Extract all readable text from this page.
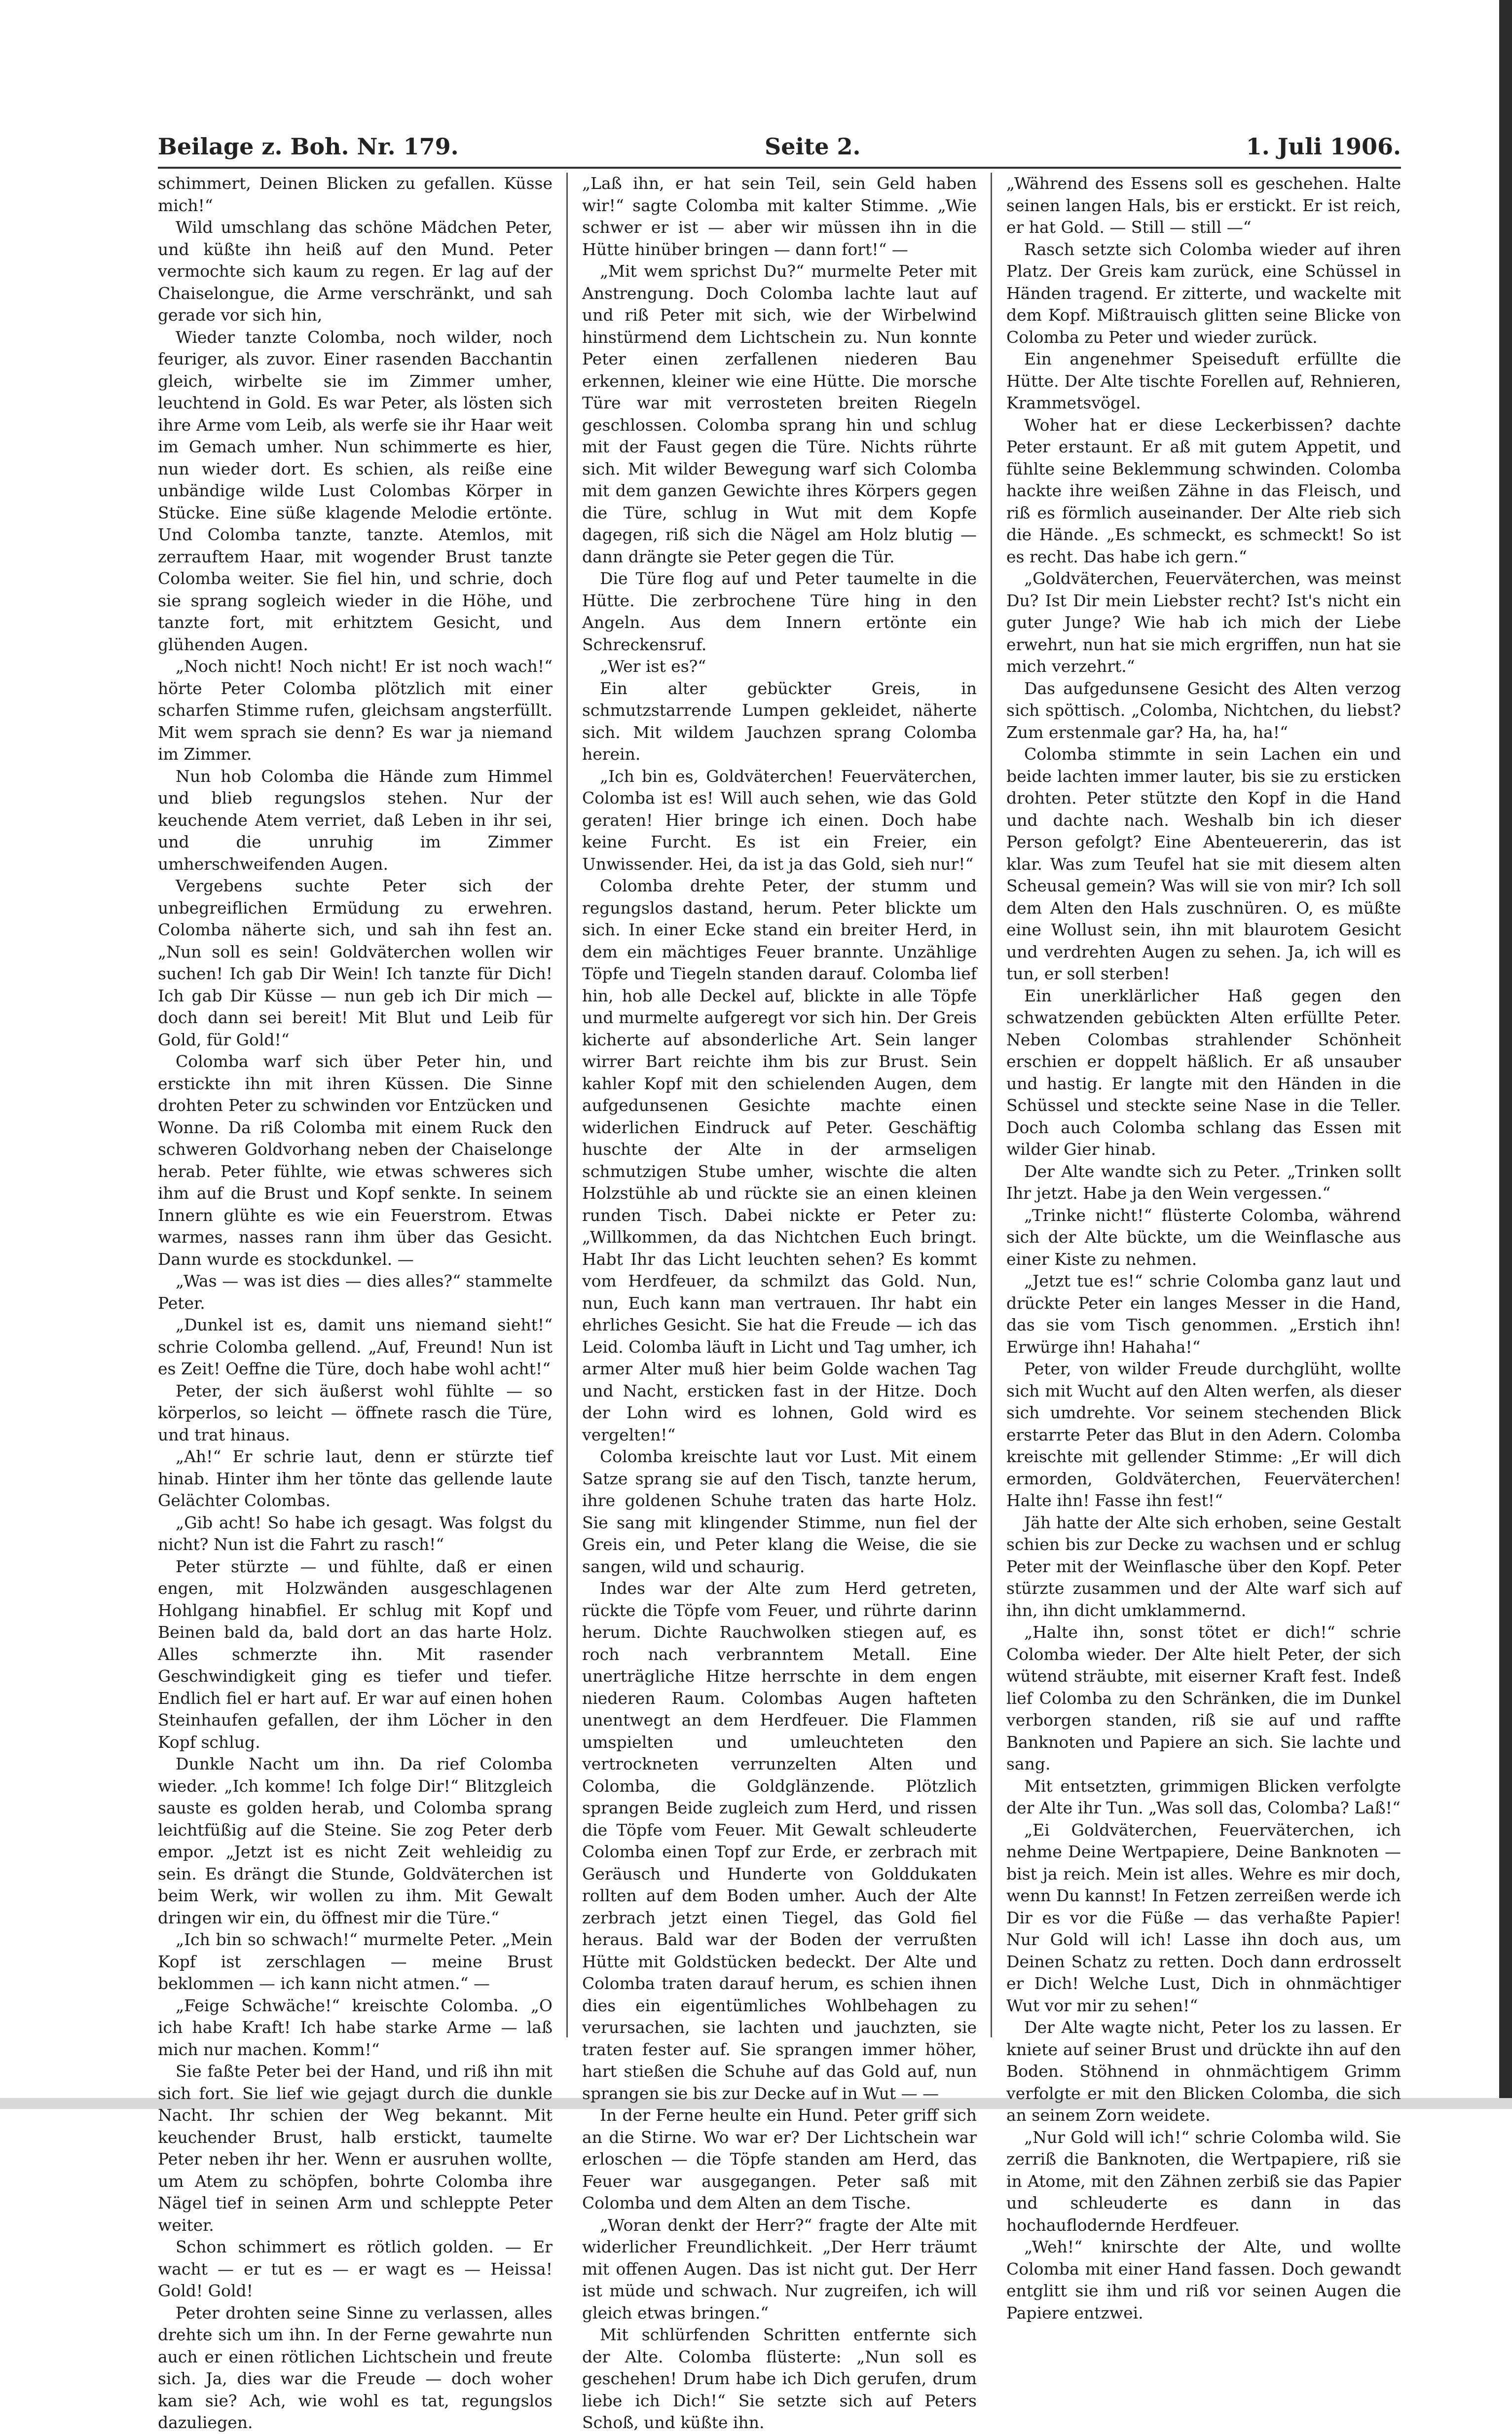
Beilage z. Boh. Nr. 179.	Seite 2.	1. Juli 1906.

schimmert, Deinen Blicken zu gefallen. Küsse mich!“

Wild umschlang das schöne Mädchen Peter, und küßte ihn heiß auf den Mund. Peter vermochte sich kaum zu regen. Er lag auf der Chaiselongue, die Arme verschränkt, und sah gerade vor sich hin,

Wieder tanzte Colomba, noch wilder, noch feuriger, als zuvor. Einer rasenden Bacchantin gleich, wirbelte sie im Zimmer umher, leuchtend in Gold. Es war Peter, als lösten sich ihre Arme vom Leib, als werfe sie ihr Haar weit im Gemach umher. Nun schimmerte es hier, nun wieder dort. Es schien, als reiße eine unbändige wilde Lust Colombas Körper in Stücke. Eine süße klagende Melodie ertönte. Und Colomba tanzte, tanzte. Atemlos, mit zerrauftem Haar, mit wogender Brust tanzte Colomba weiter. Sie fiel hin, und schrie, doch sie sprang sogleich wieder in die Höhe, und tanzte fort, mit erhitztem Gesicht, und glühenden Augen.

„Noch nicht! Noch nicht! Er ist noch wach!“ hörte Peter Colomba plötzlich mit einer scharfen Stimme rufen, gleichsam angsterfüllt. Mit wem sprach sie denn? Es war ja niemand im Zimmer.

Nun hob Colomba die Hände zum Himmel und blieb regungslos stehen. Nur der keuchende Atem verriet, daß Leben in ihr sei, und die unruhig im Zimmer umherschweifenden Augen.

Vergebens suchte Peter sich der unbegreiflichen Ermüdung zu erwehren. Colomba näherte sich, und sah ihn fest an. „Nun soll es sein! Goldväterchen wollen wir suchen! Ich gab Dir Wein! Ich tanzte für Dich! Ich gab Dir Küsse — nun geb ich Dir mich — doch dann sei bereit! Mit Blut und Leib für Gold, für Gold!“

Colomba warf sich über Peter hin, und erstickte ihn mit ihren Küssen. Die Sinne drohten Peter zu schwinden vor Entzücken und Wonne. Da riß Colomba mit einem Ruck den schweren Goldvorhang neben der Chaiselonge herab. Peter fühlte, wie etwas schweres sich ihm auf die Brust und Kopf senkte. In seinem Innern glühte es wie ein Feuerstrom. Etwas warmes, nasses rann ihm über das Gesicht. Dann wurde es stockdunkel. —

„Was — was ist dies — dies alles?“ stammelte Peter.

„Dunkel ist es, damit uns niemand sieht!“ schrie Colomba gellend. „Auf, Freund! Nun ist es Zeit! Oeffne die Türe, doch habe wohl acht!“

Peter, der sich äußerst wohl fühlte — so körperlos, so leicht — öffnete rasch die Türe, und trat hinaus.

„Ah!“ Er schrie laut, denn er stürzte tief hinab. Hinter ihm her tönte das gellende laute Gelächter Colombas.

„Gib acht! So habe ich gesagt. Was folgst du nicht? Nun ist die Fahrt zu rasch!“

Peter stürzte — und fühlte, daß er einen engen, mit Holzwänden ausgeschlagenen Hohlgang hinabfiel. Er schlug mit Kopf und Beinen bald da, bald dort an das harte Holz. Alles schmerzte ihn. Mit rasender Geschwindigkeit ging es tiefer und tiefer. Endlich fiel er hart auf. Er war auf einen hohen Steinhaufen gefallen, der ihm Löcher in den Kopf schlug.

Dunkle Nacht um ihn. Da rief Colomba wieder. „Ich komme! Ich folge Dir!“ Blitzgleich sauste es golden herab, und Colomba sprang leichtfüßig auf die Steine. Sie zog Peter derb empor. „Jetzt ist es nicht Zeit wehleidig zu sein. Es drängt die Stunde, Goldväterchen ist beim Werk, wir wollen zu ihm. Mit Gewalt dringen wir ein, du öffnest mir die Türe.“

„Ich bin so schwach!“ murmelte Peter. „Mein Kopf ist zerschlagen — meine Brust beklommen — ich kann nicht atmen.“ —

„Feige Schwäche!“ kreischte Colomba. „O ich habe Kraft! Ich habe starke Arme — laß mich nur machen. Komm!“

Sie faßte Peter bei der Hand, und riß ihn mit sich fort. Sie lief wie gejagt durch die dunkle Nacht. Ihr schien der Weg bekannt. Mit keuchender Brust, halb erstickt, taumelte Peter neben ihr her. Wenn er ausruhen wollte, um Atem zu schöpfen, bohrte Colomba ihre Nägel tief in seinen Arm und schleppte Peter weiter.

Schon schimmert es rötlich golden. — Er wacht — er tut es — er wagt es — Heissa! Gold! Gold!

Peter drohten seine Sinne zu verlassen, alles drehte sich um ihn. In der Ferne gewahrte nun auch er einen rötlichen Lichtschein und freute sich. Ja, dies war die Freude — doch woher kam sie? Ach, wie wohl es tat, regungslos dazuliegen.

„Laß ihn, er hat sein Teil, sein Geld haben wir!“ sagte Colomba mit kalter Stimme. „Wie schwer er ist — aber wir müssen ihn in die Hütte hinüber bringen — dann fort!“ —

„Mit wem sprichst Du?“ murmelte Peter mit Anstrengung. Doch Colomba lachte laut auf und riß Peter mit sich, wie der Wirbelwind hinstürmend dem Lichtschein zu. Nun konnte Peter einen zerfallenen niederen Bau erkennen, kleiner wie eine Hütte. Die morsche Türe war mit verrosteten breiten Riegeln geschlossen. Colomba sprang hin und schlug mit der Faust gegen die Türe. Nichts rührte sich. Mit wilder Bewegung warf sich Colomba mit dem ganzen Gewichte ihres Körpers gegen die Türe, schlug in Wut mit dem Kopfe dagegen, riß sich die Nägel am Holz blutig — dann drängte sie Peter gegen die Tür.

Die Türe flog auf und Peter taumelte in die Hütte. Die zerbrochene Türe hing in den Angeln. Aus dem Innern ertönte ein Schreckensruf.

„Wer ist es?“

Ein alter gebückter Greis, in schmutzstarrende Lumpen gekleidet, näherte sich. Mit wildem Jauchzen sprang Colomba herein.

„Ich bin es, Goldväterchen! Feuerväterchen, Colomba ist es! Will auch sehen, wie das Gold geraten! Hier bringe ich einen. Doch habe keine Furcht. Es ist ein Freier, ein Unwissender. Hei, da ist ja das Gold, sieh nur!“

Colomba drehte Peter, der stumm und regungslos dastand, herum. Peter blickte um sich. In einer Ecke stand ein breiter Herd, in dem ein mächtiges Feuer brannte. Unzählige Töpfe und Tiegeln standen darauf. Colomba lief hin, hob alle Deckel auf, blickte in alle Töpfe und murmelte aufgeregt vor sich hin. Der Greis kicherte auf absonderliche Art. Sein langer wirrer Bart reichte ihm bis zur Brust. Sein kahler Kopf mit den schielenden Augen, dem aufgedunsenen Gesichte machte einen widerlichen Eindruck auf Peter. Geschäftig huschte der Alte in der armseligen schmutzigen Stube umher, wischte die alten Holzstühle ab und rückte sie an einen kleinen runden Tisch. Dabei nickte er Peter zu: „Willkommen, da das Nichtchen Euch bringt. Habt Ihr das Licht leuchten sehen? Es kommt vom Herdfeuer, da schmilzt das Gold. Nun, nun, Euch kann man vertrauen. Ihr habt ein ehrliches Gesicht. Sie hat die Freude — ich das Leid. Colomba läuft in Licht und Tag umher, ich armer Alter muß hier beim Golde wachen Tag und Nacht, ersticken fast in der Hitze. Doch der Lohn wird es lohnen, Gold wird es vergelten!“

Colomba kreischte laut vor Lust. Mit einem Satze sprang sie auf den Tisch, tanzte herum, ihre goldenen Schuhe traten das harte Holz. Sie sang mit klingender Stimme, nun fiel der Greis ein, und Peter klang die Weise, die sie sangen, wild und schaurig.

Indes war der Alte zum Herd getreten, rückte die Töpfe vom Feuer, und rührte darinn herum. Dichte Rauchwolken stiegen auf, es roch nach verbranntem Metall. Eine unerträgliche Hitze herrschte in dem engen niederen Raum. Colombas Augen hafteten unentwegt an dem Herdfeuer. Die Flammen umspielten und umleuchteten den vertrockneten verrunzelten Alten und Colomba, die Goldglänzende. Plötzlich sprangen Beide zugleich zum Herd, und rissen die Töpfe vom Feuer. Mit Gewalt schleuderte Colomba einen Topf zur Erde, er zerbrach mit Geräusch und Hunderte von Golddukaten rollten auf dem Boden umher. Auch der Alte zerbrach jetzt einen Tiegel, das Gold fiel heraus. Bald war der Boden der verrußten Hütte mit Goldstücken bedeckt. Der Alte und Colomba traten darauf herum, es schien ihnen dies ein eigentümliches Wohlbehagen zu verursachen, sie lachten und jauchzten, sie traten fester auf. Sie sprangen immer höher, hart stießen die Schuhe auf das Gold auf, nun sprangen sie bis zur Decke auf in Wut — —

In der Ferne heulte ein Hund. Peter griff sich an die Stirne. Wo war er? Der Lichtschein war erloschen — die Töpfe standen am Herd, das Feuer war ausgegangen. Peter saß mit Colomba und dem Alten an dem Tische.

„Woran denkt der Herr?“ fragte der Alte mit widerlicher Freundlichkeit. „Der Herr träumt mit offenen Augen. Das ist nicht gut. Der Herr ist müde und schwach. Nur zugreifen, ich will gleich etwas bringen.“

Mit schlürfenden Schritten entfernte sich der Alte. Colomba flüsterte: „Nun soll es geschehen! Drum habe ich Dich gerufen, drum liebe ich Dich!“ Sie setzte sich auf Peters Schoß, und küßte ihn.

„Während des Essens soll es geschehen. Halte seinen langen Hals, bis er erstickt. Er ist reich, er hat Gold. — Still — still —“

Rasch setzte sich Colomba wieder auf ihren Platz. Der Greis kam zurück, eine Schüssel in Händen tragend. Er zitterte, und wackelte mit dem Kopf. Mißtrauisch glitten seine Blicke von Colomba zu Peter und wieder zurück.

Ein angenehmer Speiseduft erfüllte die Hütte. Der Alte tischte Forellen auf, Rehnieren, Krammetsvögel.

Woher hat er diese Leckerbissen? dachte Peter erstaunt. Er aß mit gutem Appetit, und fühlte seine Beklemmung schwinden. Colomba hackte ihre weißen Zähne in das Fleisch, und riß es förmlich auseinander. Der Alte rieb sich die Hände. „Es schmeckt, es schmeckt! So ist es recht. Das habe ich gern.“

„Goldväterchen, Feuerväterchen, was meinst Du? Ist Dir mein Liebster recht? Ist's nicht ein guter Junge? Wie hab ich mich der Liebe erwehrt, nun hat sie mich ergriffen, nun hat sie mich verzehrt.“

Das aufgedunsene Gesicht des Alten verzog sich spöttisch. „Colomba, Nichtchen, du liebst? Zum erstenmale gar? Ha, ha, ha!“

Colomba stimmte in sein Lachen ein und beide lachten immer lauter, bis sie zu ersticken drohten. Peter stützte den Kopf in die Hand und dachte nach. Weshalb bin ich dieser Person gefolgt? Eine Abenteuererin, das ist klar. Was zum Teufel hat sie mit diesem alten Scheusal gemein? Was will sie von mir? Ich soll dem Alten den Hals zuschnüren. O, es müßte eine Wollust sein, ihn mit blaurotem Gesicht und verdrehten Augen zu sehen. Ja, ich will es tun, er soll sterben!

Ein unerklärlicher Haß gegen den schwatzenden gebückten Alten erfüllte Peter. Neben Colombas strahlender Schönheit erschien er doppelt häßlich. Er aß unsauber und hastig. Er langte mit den Händen in die Schüssel und steckte seine Nase in die Teller. Doch auch Colomba schlang das Essen mit wilder Gier hinab.

Der Alte wandte sich zu Peter. „Trinken sollt Ihr jetzt. Habe ja den Wein vergessen.“

„Trinke nicht!“ flüsterte Colomba, während sich der Alte bückte, um die Weinflasche aus einer Kiste zu nehmen.

„Jetzt tue es!“ schrie Colomba ganz laut und drückte Peter ein langes Messer in die Hand, das sie vom Tisch genommen. „Erstich ihn! Erwürge ihn! Hahaha!“

Peter, von wilder Freude durchglüht, wollte sich mit Wucht auf den Alten werfen, als dieser sich umdrehte. Vor seinem stechenden Blick erstarrte Peter das Blut in den Adern. Colomba kreischte mit gellender Stimme: „Er will dich ermorden, Goldväterchen, Feuerväterchen! Halte ihn! Fasse ihn fest!“

Jäh hatte der Alte sich erhoben, seine Gestalt schien bis zur Decke zu wachsen und er schlug Peter mit der Weinflasche über den Kopf. Peter stürzte zusammen und der Alte warf sich auf ihn, ihn dicht umklammernd.

„Halte ihn, sonst tötet er dich!“ schrie Colomba wieder. Der Alte hielt Peter, der sich wütend sträubte, mit eiserner Kraft fest. Indeß lief Colomba zu den Schränken, die im Dunkel verborgen standen, riß sie auf und raffte Banknoten und Papiere an sich. Sie lachte und sang.

Mit entsetzten, grimmigen Blicken verfolgte der Alte ihr Tun. „Was soll das, Colomba? Laß!“

„Ei Goldväterchen, Feuerväterchen, ich nehme Deine Wertpapiere, Deine Banknoten — bist ja reich. Mein ist alles. Wehre es mir doch, wenn Du kannst! In Fetzen zerreißen werde ich Dir es vor die Füße — das verhaßte Papier! Nur Gold will ich! Lasse ihn doch aus, um Deinen Schatz zu retten. Doch dann erdrosselt er Dich! Welche Lust, Dich in ohnmächtiger Wut vor mir zu sehen!“

Der Alte wagte nicht, Peter los zu lassen. Er kniete auf seiner Brust und drückte ihn auf den Boden. Stöhnend in ohnmächtigem Grimm verfolgte er mit den Blicken Colomba, die sich an seinem Zorn weidete.

„Nur Gold will ich!“ schrie Colomba wild. Sie zerriß die Banknoten, die Wertpapiere, riß sie in Atome, mit den Zähnen zerbiß sie das Papier und schleuderte es dann in das hochauflodernde Herdfeuer.

„Weh!“ knirschte der Alte, und wollte Colomba mit einer Hand fassen. Doch gewandt entglitt sie ihm und riß vor seinen Augen die Papiere entzwei.
